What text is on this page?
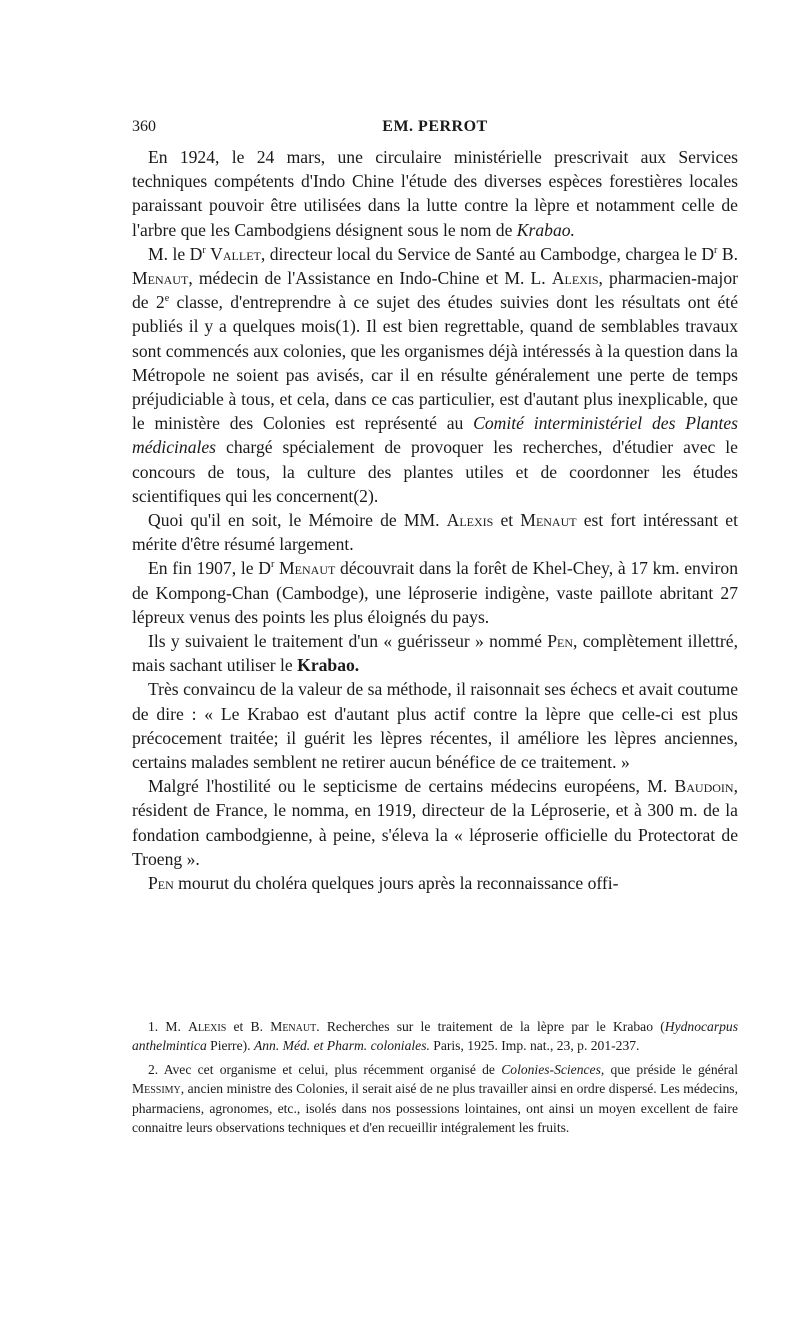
360	EM. PERROT

En 1924, le 24 mars, une circulaire ministérielle prescrivait aux Services techniques compétents d'Indo Chine l'étude des diverses espèces forestières locales paraissant pouvoir être utilisées dans la lutte contre la lèpre et notamment celle de l'arbre que les Cambodgiens désignent sous le nom de Krabao.

M. le $D^r$ Vallet, directeur local du Service de Santé au Cambodge, chargea le $D^r$ B. Menaut, médecin de l'Assistance en Indo-Chine et M. L. Alexis, pharmacien-major de 2e classe, d'entreprendre à ce sujet des études suivies dont les résultats ont été publiés il y a quelques mois(1). Il est bien regrettable, quand de semblables travaux sont commencés aux colonies, que les organismes déjà intéressés à la question dans la Métropole ne soient pas avisés, car il en résulte généralement une perte de temps préjudiciable à tous, et cela, dans ce cas particulier, est d'autant plus inexplicable, que le ministère des Colonies est représenté au Comité interministériel des Plantes médicinales chargé spécialement de provoquer les recherches, d'étudier avec le concours de tous, la culture des plantes utiles et de coordonner les études scientifiques qui les concernent(2).

Quoi qu'il en soit, le Mémoire de MM. Alexis et Menaut est fort intéressant et mérite d'être résumé largement.

En fin 1907, le $D^r$ Menaut découvrait dans la forêt de Khel-Chey, à 17 km. environ de Kompong-Chan (Cambodge), une léproserie indigène, vaste paillote abritant 27 lépreux venus des points les plus éloignés du pays.

Ils y suivaient le traitement d'un « guérisseur » nommé Pen, complètement illettré, mais sachant utiliser le Krabao.

Très convaincu de la valeur de sa méthode, il raisonnait ses échecs et avait coutume de dire : « Le Krabao est d'autant plus actif contre la lèpre que celle-ci est plus précocement traitée; il guérit les lèpres récentes, il améliore les lèpres anciennes, certains malades semblent ne retirer aucun bénéfice de ce traitement. »

Malgré l'hostilité ou le septicisme de certains médecins européens, M. Baudoin, résident de France, le nomma, en 1919, directeur de la Léproserie, et à 300 m. de la fondation cambodgienne, à peine, s'éleva la « léproserie officielle du Protectorat de Troeng ».

Pen mourut du choléra quelques jours après la reconnaissance offi-

1. M. Alexis et B. Menaut. Recherches sur le traitement de la lèpre par le Krabao (Hydnocarpus anthelmintica Pierre). Ann. Méd. et Pharm. coloniales. Paris, 1925. Imp. nat., 23, p. 201-237.

2. Avec cet organisme et celui, plus récemment organisé de Colonies-Sciences, que préside le général Messimy, ancien ministre des Colonies, il serait aisé de ne plus travailler ainsi en ordre dispersé. Les médecins, pharmaciens, agronomes, etc., isolés dans nos possessions lointaines, ont ainsi un moyen excellent de faire connaitre leurs observations techniques et d'en recueillir intégralement les fruits.
